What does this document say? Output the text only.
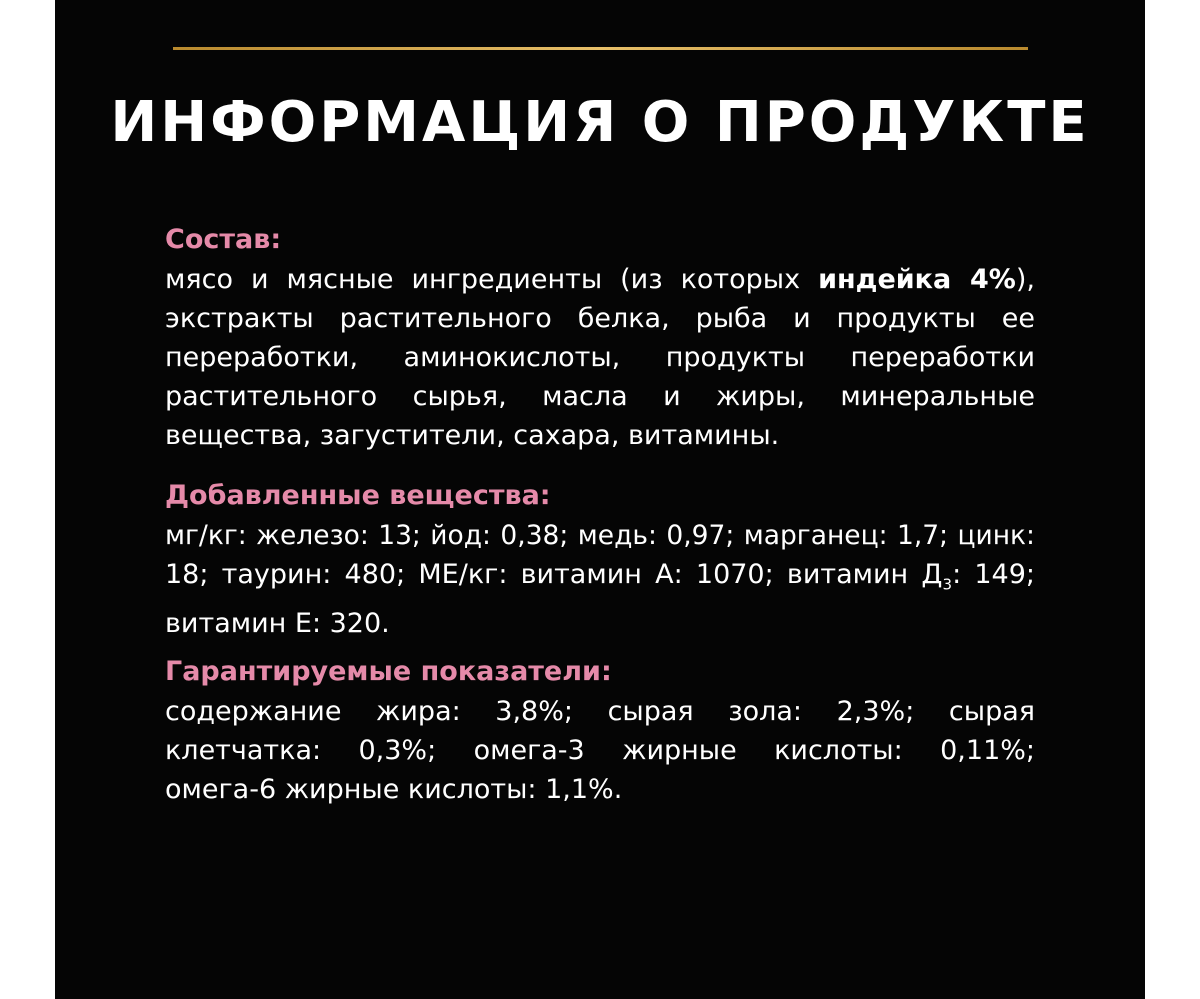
ИНФОРМАЦИЯ О ПРОДУКТЕ
Состав:
мясо и мясные ингредиенты (из которых индейка 4%),
экстракты растительного белка, рыба и продукты ее
переработки, аминокислоты, продукты переработки
растительного сырья, масла и жиры, минеральные
вещества, загустители, сахара, витамины.
Добавленные вещества:
мг/кг: железо: 13; йод: 0,38; медь: 0,97; марганец: 1,7; цинк:
18; таурин: 480; МЕ/кг: витамин А: 1070; витамин $Д_3$: 149;
витамин Е: 320.
Гарантируемые показатели:
содержание жира: 3,8%; сырая зола: 2,3%; сырая
клетчатка: 0,3%; омега-3 жирные кислоты: 0,11%;
омега-6 жирные кислоты: 1,1%.
